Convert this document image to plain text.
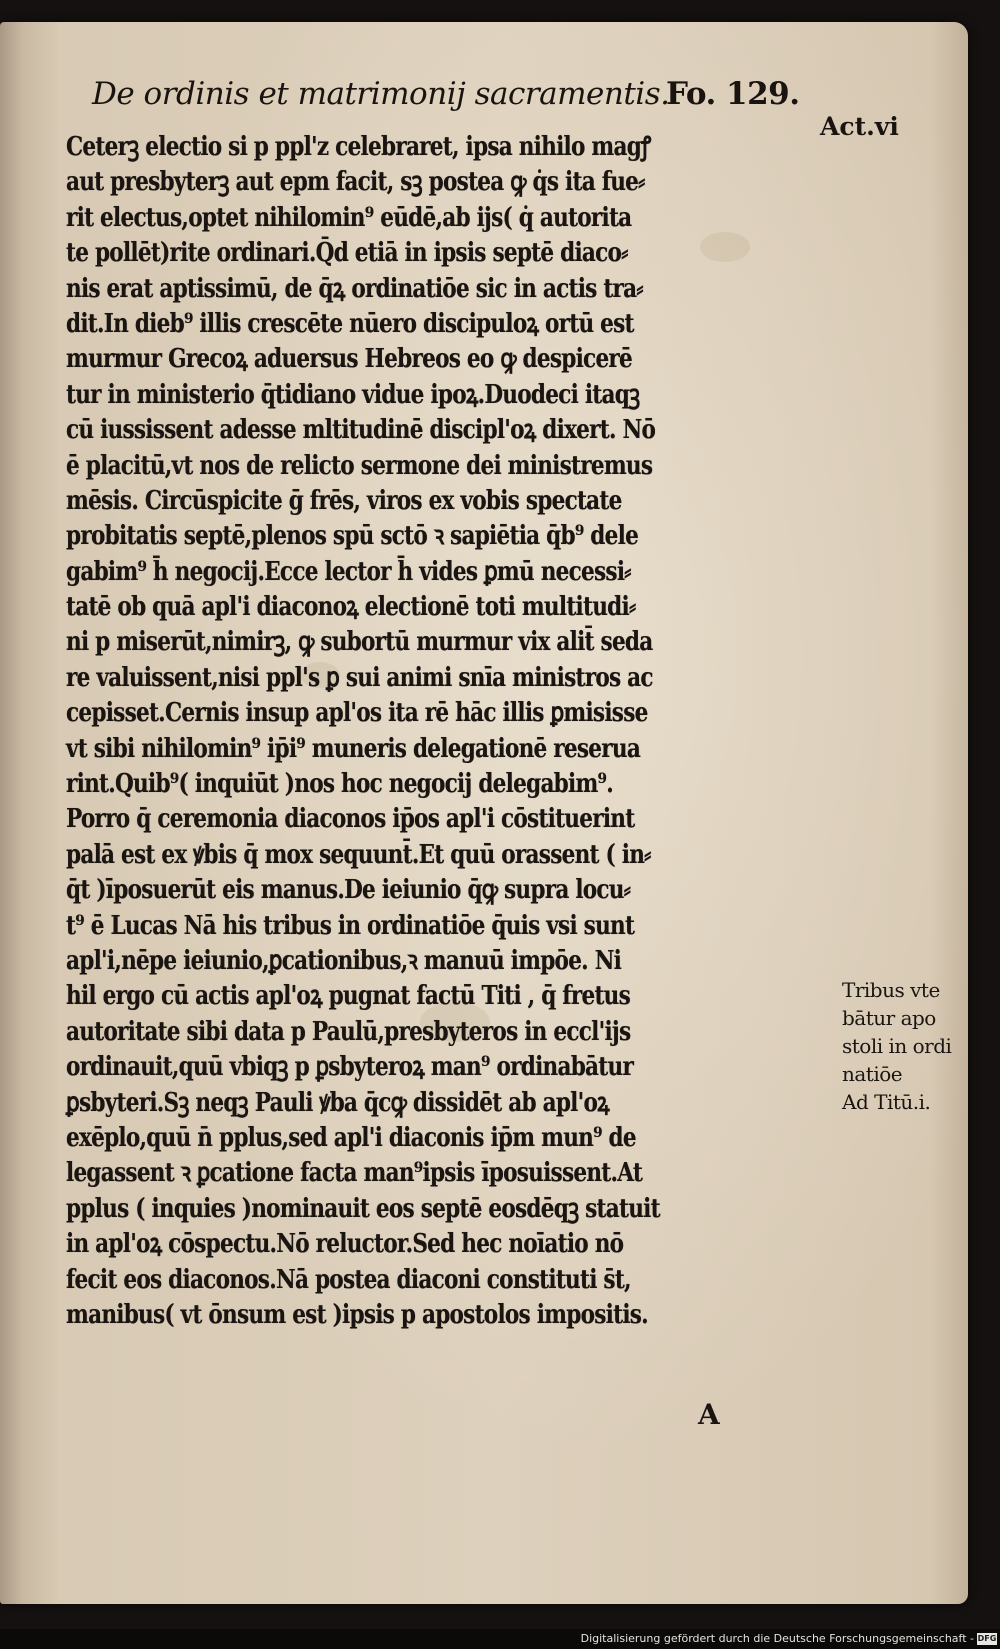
De ordinis et matrimonij sacramentis.
Fo. 129.
Act.vi
Ceterꝫ electio si p ppl'z celebraret, ipsa nihilo magꝭ
aut presbyterꝫ aut epm facit, sꝫ postea ꝙ q̇s ita fue⸗
rit electus,optet nihilomin⁹ eūdē,ab ijs( q̇ autorita
te pollēt)rite ordinari.Q̄d etiā in ipsis septē diaco⸗
nis erat aptissimū, de q̄ꝝ ordinatiōe sic in actis tra⸗
dit.In dieb⁹ illis crescēte nūero discipuloꝝ ortū est
murmur Grecoꝝ aduersus Hebreos eo ꝙ despicerē
tur in ministerio q̄tidiano vidue ipoꝝ.Duodeci itaqꝫ
cū iussissent adesse mltitudinē discipl'oꝝ dixert. Nō
ē placitū,vt nos de relicto sermone dei ministremus
mēsis. Circūspicite ḡ frēs, viros ex vobis spectate
probitatis septē,plenos spū sctō ꝛ sapiētia q̄b⁹ dele
gabim⁹ h̄ negocij.Ecce lector h̄ vides ꝑmū necessi⸗
tatē ob quā apl'i diaconoꝝ electionē toti multitudi⸗
ni p miserūt,nimirꝫ, ꝙ subortū murmur vix alit̄ seda
re valuissent,nisi ppl's ꝑ sui animi snīa ministros ac
cepisset.Cernis insup apl'os ita rē hāc illis ꝑmisisse
vt sibi nihilomin⁹ ip̄i⁹ muneris delegationē reserua
rint.Quib⁹( inquiūt )nos hoc negocij delegabim⁹.
Porro q̄ ceremonia diaconos ip̄os apl'i cōstituerint
palā est ex ꝟbis q̄ mox sequunt̄.Et quū orassent ( in⸗
q̄t )īposuerūt eis manus.De ieiunio q̄ꝙ supra locu⸗
t⁹ ē Lucas Nā his tribus in ordinatiōe q̄uis vsi sunt
apl'i,nēpe ieiunio,ꝑcationibus,ꝛ manuū impōe. Ni
hil ergo cū actis apl'oꝝ pugnat factū Titi , q̄ fretus
autoritate sibi data p Paulū,presbyteros in eccl'ijs
ordinauit,quū vbiqꝫ p ꝑsbyteroꝝ man⁹ ordinabātur
ꝑsbyteri.Sꝫ neqꝫ Pauli ꝟba q̄cꝙ dissidēt ab apl'oꝝ
exēplo,quū n̄ pplus,sed apl'i diaconis ip̄m mun⁹ de
legassent ꝛ ꝑcatione facta man⁹ipsis īposuissent.At
pplus ( inquies )nominauit eos septē eosdēqꝫ statuit
in apl'oꝝ cōspectu.Nō reluctor.Sed hec noīatio nō
fecit eos diaconos.Nā postea diaconi constituti s̄t,
manibus( vt ōnsum est )ipsis p apostolos impositis.
Tribus vte
bātur apo
stoli in ordi
natiōe
Ad Titū.i.
A
Digitalisierung gefördert durch die Deutsche Forschungsgemeinschaft - DFG
